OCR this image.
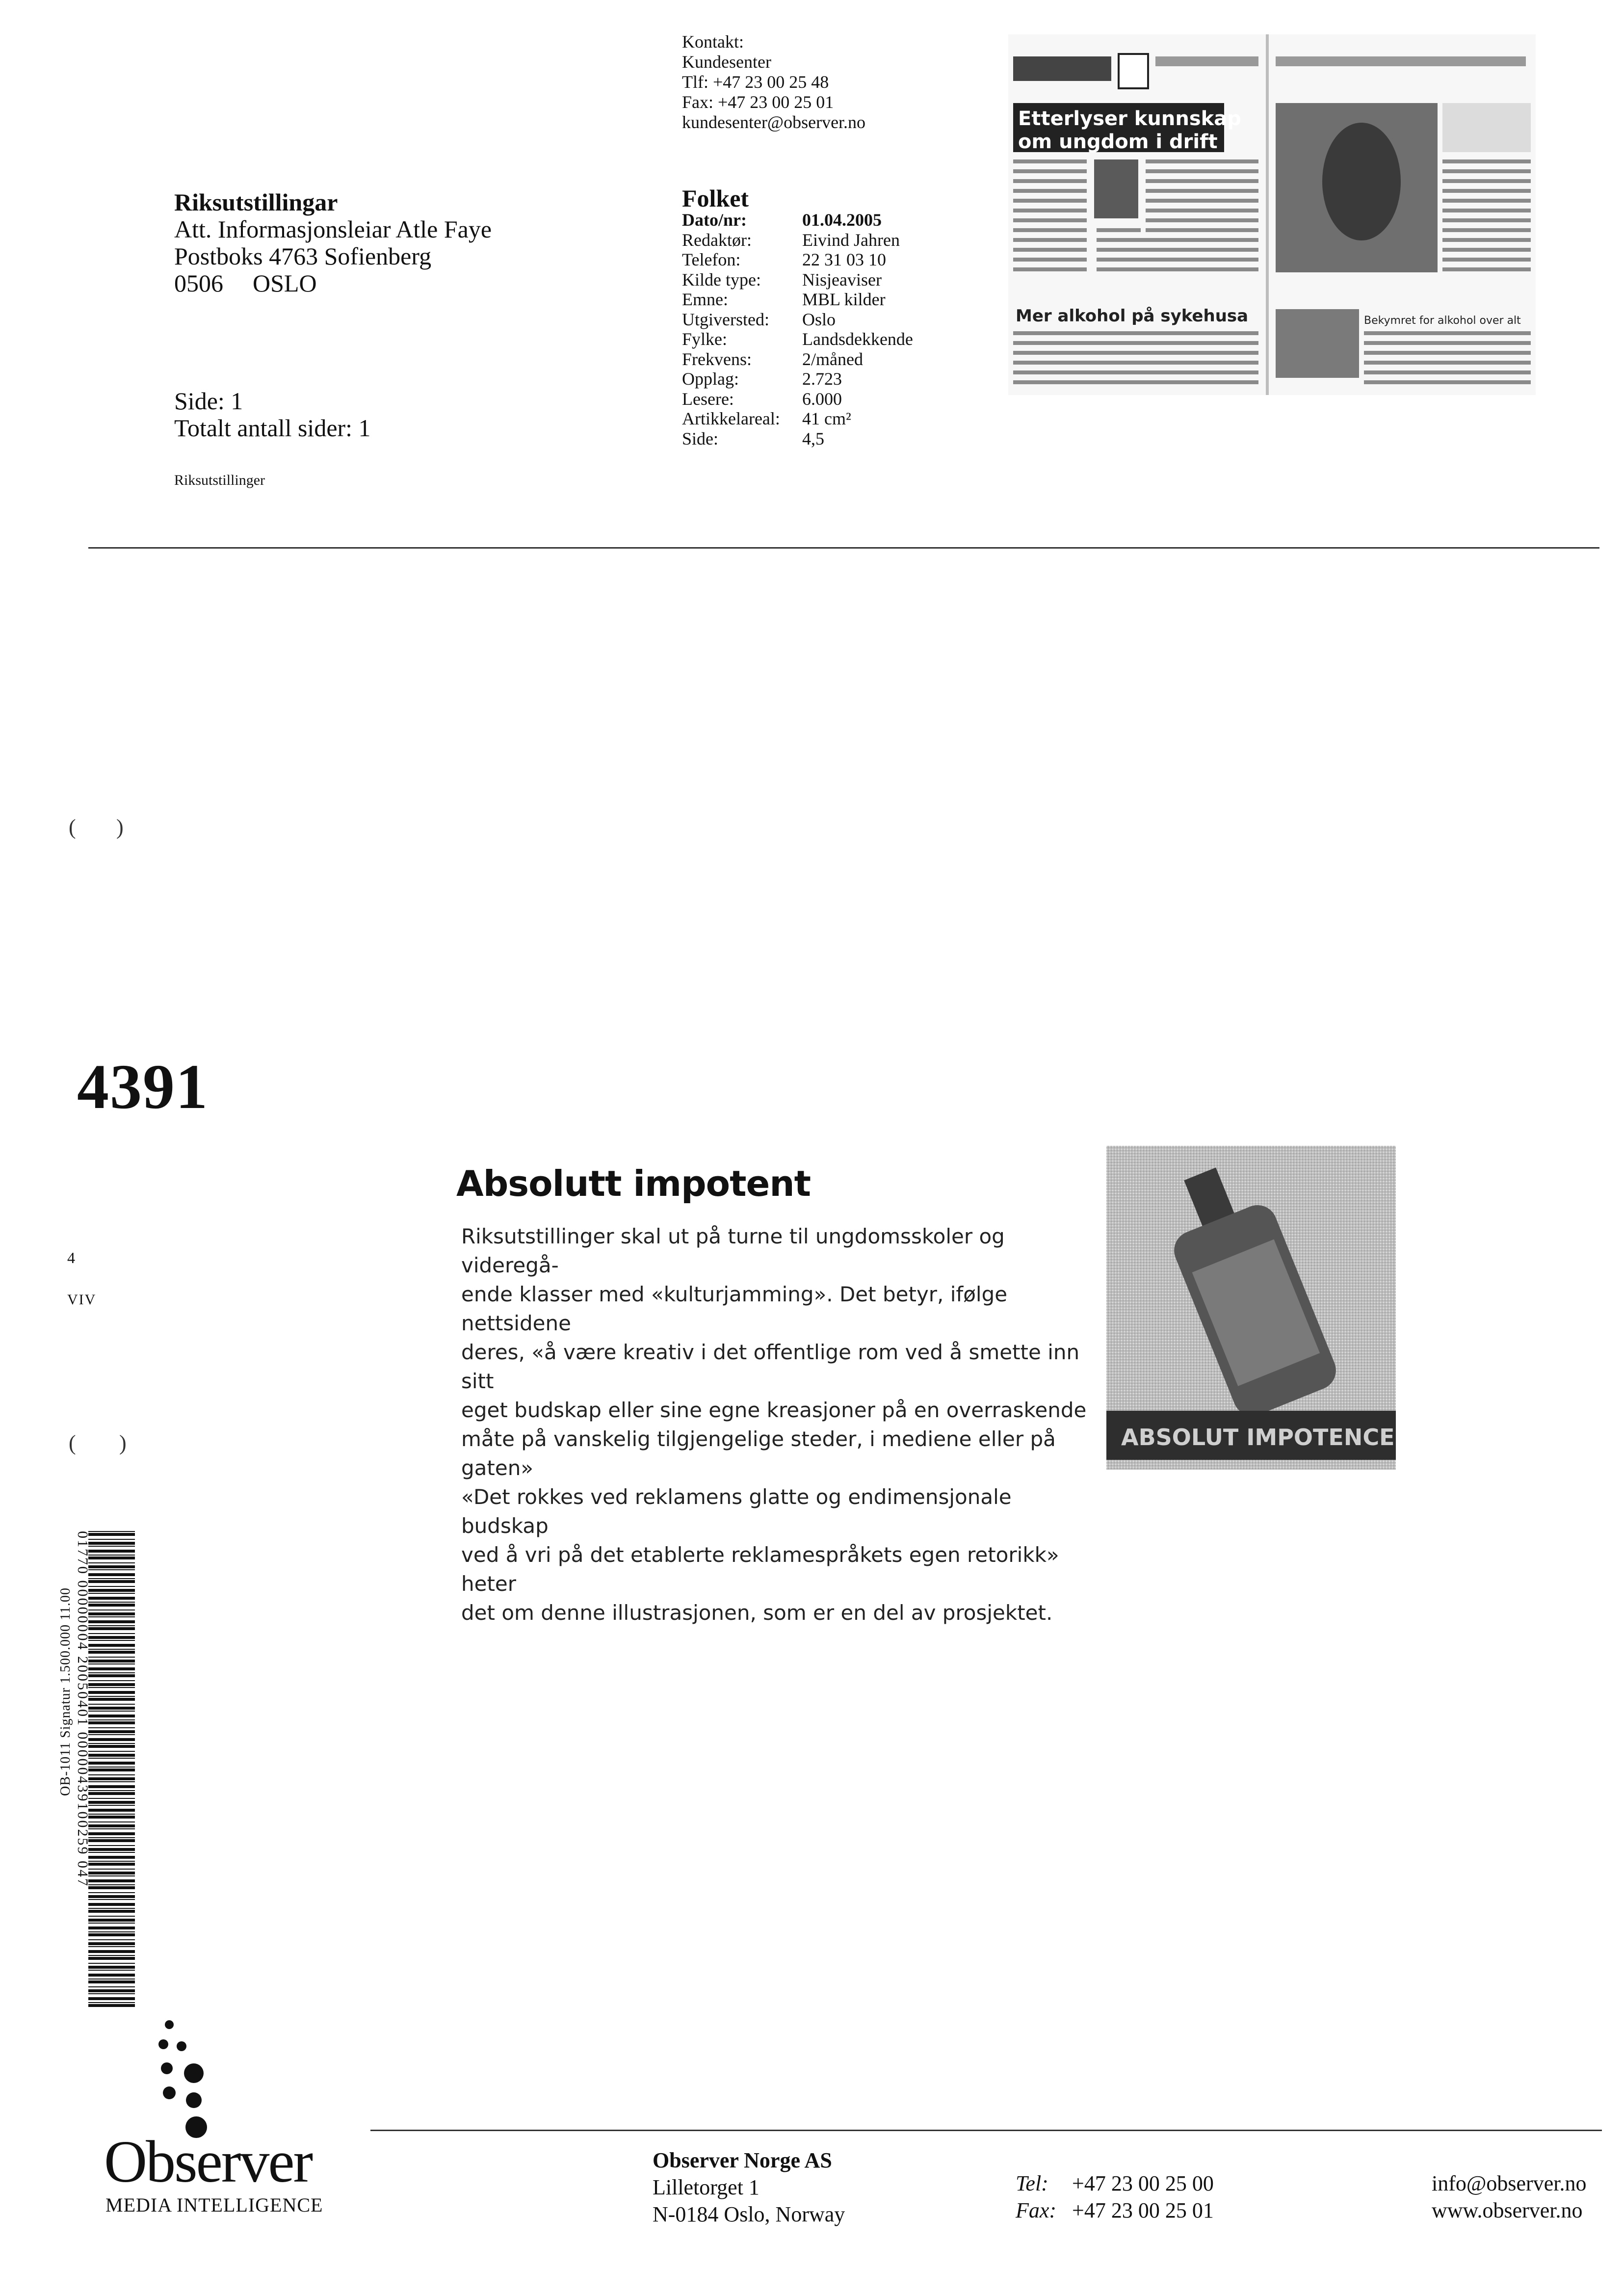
Riksutstillingar
Att. Informasjonsleiar Atle Faye
Postboks 4763 Sofienberg
0506 OSLO
Side: 1
Totalt antall sider: 1
Riksutstillinger
Kontakt:
Kundesenter
Tlf: +47 23 00 25 48
Fax: +47 23 00 25 01
kundesenter@observer.no
Folket
Dato/nr:	01.04.2005
Redaktør:	Eivind Jahren
Telefon:	22 31 03 10
Kilde type:	Nisjeaviser
Emne:	MBL kilder
Utgiversted:	Oslo
Fylke:	Landsdekkende
Frekvens:	2/måned
Opplag:	2.723
Lesere:	6.000
Artikkelareal:	41 cm²
Side:	4,5
Etterlyser kunnskap
om ungdom i drift
Mer alkohol på sykehusa	Bekymret for alkohol over alt
( )
( )
4391
4
VIV
Absolutt impotent
Riksutstillinger skal ut på turne til ungdomsskoler og videregå-
ende klasser med «kulturjamming». Det betyr, ifølge nettsidene
deres, «å være kreativ i det offentlige rom ved å smette inn sitt
eget budskap eller sine egne kreasjoner på en overraskende
måte på vanskelig tilgjengelige steder, i mediene eller på gaten»
«Det rokkes ved reklamens glatte og endimensjonale budskap
ved å vri på det etablerte reklamespråkets egen retorikk» heter
det om denne illustrasjonen, som er en del av prosjektet.
ABSOLUT IMPOTENCE
01770 00000004 20050401 00000439100259 047
OB-1011 Signatur 1.500.000 11.00
Observer
MEDIA INTELLIGENCE
Observer Norge AS
Lilletorget 1
N-0184 Oslo, Norway
Tel: +47 23 00 25 00
Fax: +47 23 00 25 01
info@observer.no
www.observer.no
